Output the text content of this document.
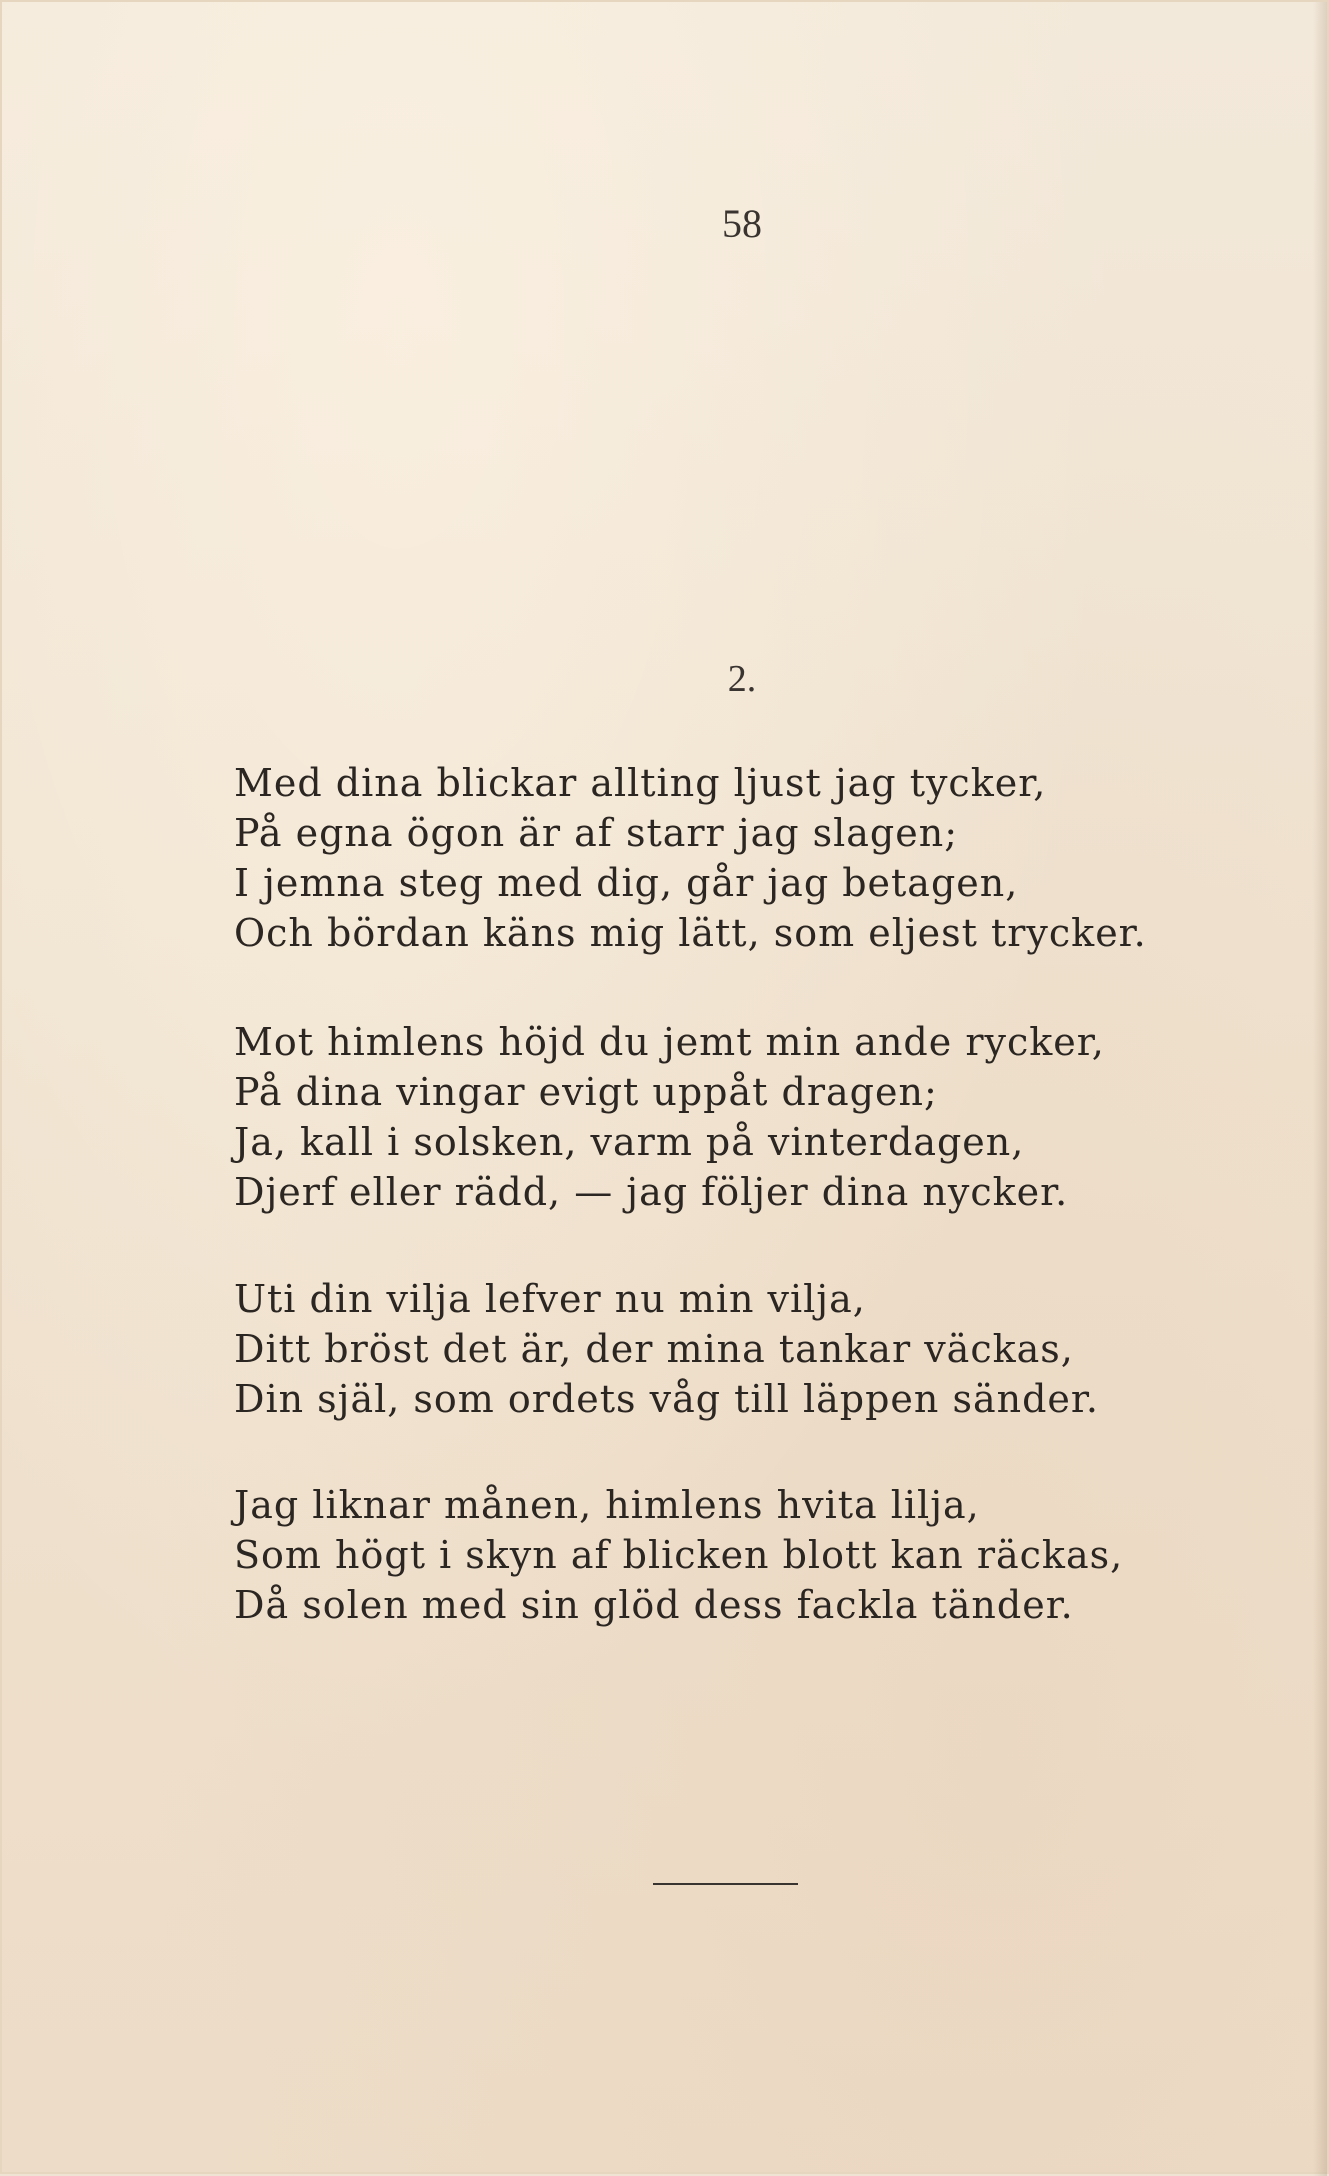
58
2.

Med dina blickar allting ljust jag tycker,
På egna ögon är af starr jag slagen;
I jemna steg med dig, går jag betagen,
Och bördan käns mig lätt, som eljest trycker.

Mot himlens höjd du jemt min ande rycker,
På dina vingar evigt uppåt dragen;
Ja, kall i solsken, varm på vinterdagen,
Djerf eller rädd, — jag följer dina nycker.

Uti din vilja lefver nu min vilja,
Ditt bröst det är, der mina tankar väckas,
Din själ, som ordets våg till läppen sänder.

Jag liknar månen, himlens hvita lilja,
Som högt i skyn af blicken blott kan räckas,
Då solen med sin glöd dess fackla tänder.
